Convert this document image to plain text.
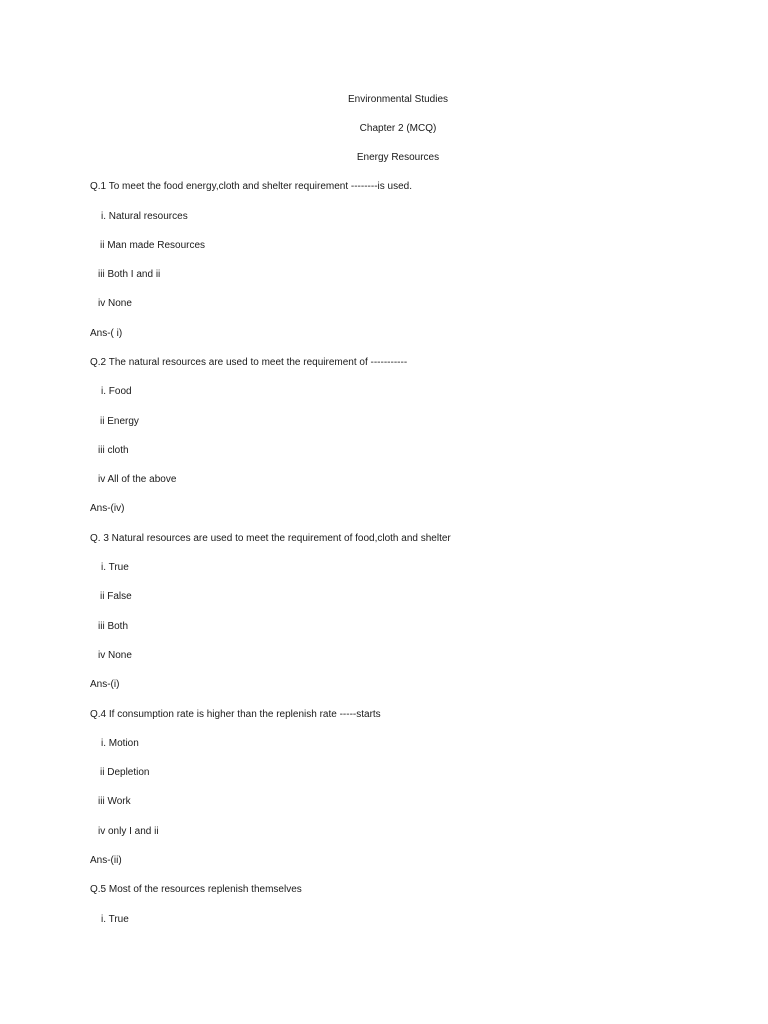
Environmental Studies
Chapter 2 (MCQ)
Energy Resources
Q.1 To meet the food energy,cloth and shelter requirement --------is used.
i. Natural resources
ii Man made Resources
iii Both I and ii
iv None
Ans-( i)
Q.2 The natural resources are used to meet the requirement of -----------
i. Food
ii Energy
iii cloth
iv All of the above
Ans-(iv)
Q. 3 Natural resources are used to meet the requirement of food,cloth and shelter
i. True
ii False
iii Both
iv None
Ans-(i)
Q.4 If consumption rate is higher than the replenish rate -----starts
i. Motion
ii Depletion
iii Work
iv only I and ii
Ans-(ii)
Q.5 Most of the resources replenish themselves
i. True
